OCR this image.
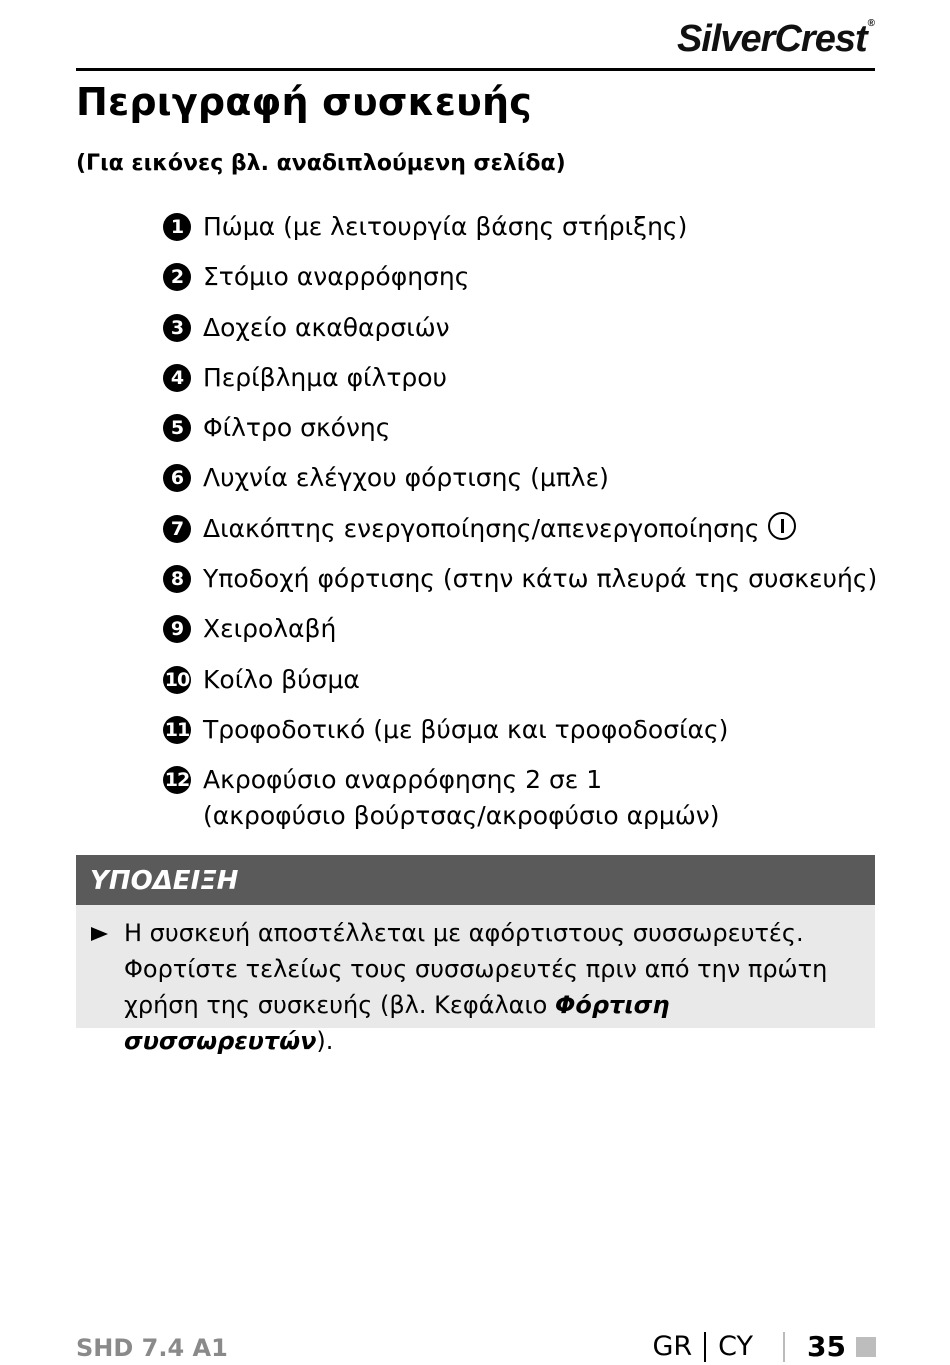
SilverCrest®
Περιγραφή συσκευής

(Για εικόνες βλ. αναδιπλούμενη σελίδα)

1 Πώμα (με λειτουργία βάσης στήριξης)
2 Στόμιο αναρρόφησης
3 Δοχείο ακαθαρσιών
4 Περίβλημα φίλτρου
5 Φίλτρο σκόνης
6 Λυχνία ελέγχου φόρτισης (μπλε)
7 Διακόπτης ενεργοποίησης/απενεργοποίησης
8 Υποδοχή φόρτισης (στην κάτω πλευρά της συσκευής)
9 Χειρολαβή
10 Κοίλο βύσμα
11 Τροφοδοτικό (με βύσμα και τροφοδοσίας)
12 Ακροφύσιο αναρρόφησης 2 σε 1
(ακροφύσιο βούρτσας/ακροφύσιο αρμών)
ΥΠΟΔΕΙΞΗ
Η συσκευή αποστέλλεται με αφόρτιστους συσσωρευτές. Φορτίστε τελείως τους συσσωρευτές πριν από την πρώτη χρήση της συσκευής (βλ. Κεφάλαιο Φόρτιση συσσωρευτών).
SHD 7.4 A1	GR CY 35
